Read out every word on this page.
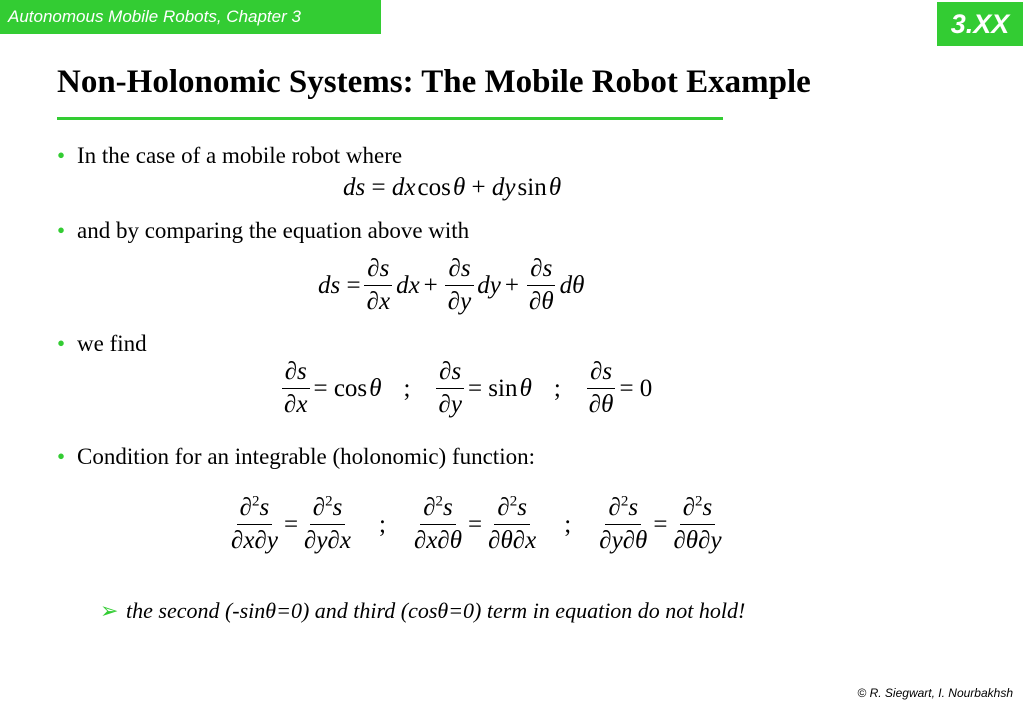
Autonomous Mobile Robots, Chapter 3	3.XX
Non-Holonomic Systems: The Mobile Robot Example
• In the case of a mobile robot where
ds = dx cos θ + dy sin θ
• and by comparing the equation above with
ds = $\frac{\partial s}{\partial x}$ dx + $\frac{\partial s}{\partial y}$ dy + $\frac{\partial s}{\partial\theta}$ dθ
• we find
$\frac{\partial s}{\partial x} = \cos$ θ ; $\frac{\partial s}{\partial y} = \sin$ θ ; $\frac{\partial s}{\partial\theta} = 0$
• Condition for an integrable (holonomic) function:
$\frac{\partial^2s}{\partial x\partial y} = \frac{\partial^2s}{\partial y\partial x}$ ; $\frac{\partial^2s}{\partial x\partial\theta} = \frac{\partial^2s}{\partial\theta\partial x}$ ; $\frac{\partial^2s}{\partial y\partial\theta} = \frac{\partial^2s}{\partial\theta\partial y}$
➢ the second (-sinθ=0) and third (cosθ=0) term in equation do not hold!
© R. Siegwart, I. Nourbakhsh
